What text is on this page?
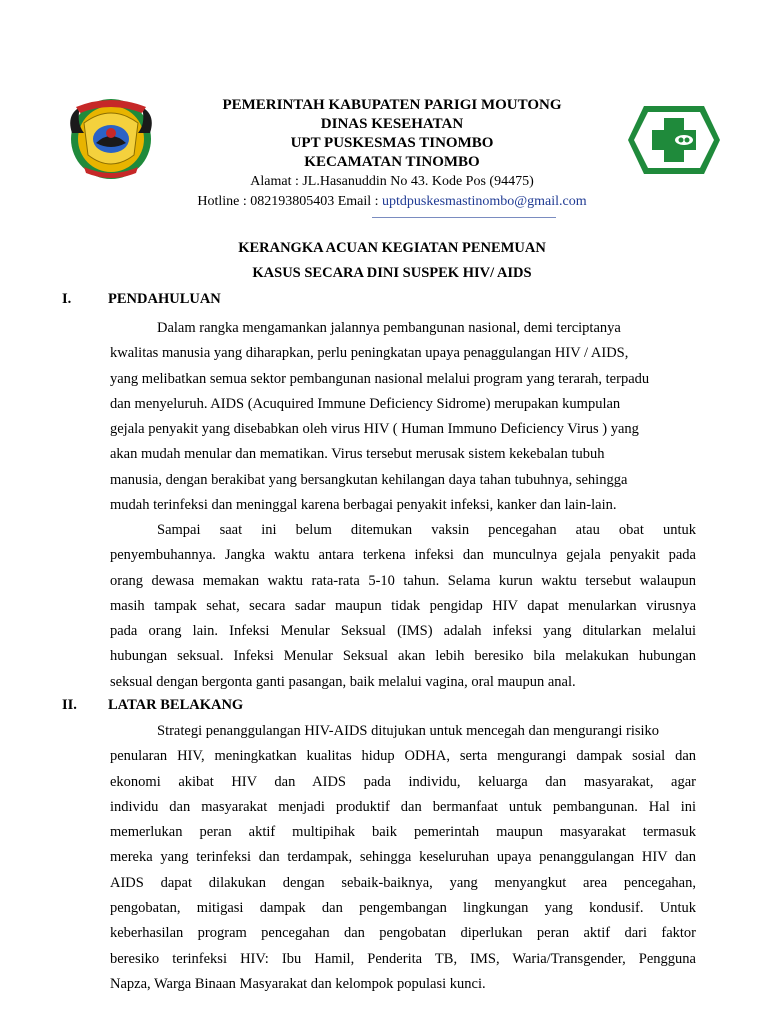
PEMERINTAH KABUPATEN PARIGI MOUTONG
DINAS KESEHATAN
UPT PUSKESMAS TINOMBO
KECAMATAN TINOMBO
Alamat : JL.Hasanuddin No 43. Kode Pos (94475)
Hotline : 082193805403 Email : uptdpuskesmastinombo@gmail.com
KERANGKA ACUAN KEGIATAN PENEMUAN
KASUS SECARA DINI SUSPEK HIV/ AIDS
I.	PENDAHULUAN
Dalam rangka mengamankan jalannya pembangunan nasional, demi terciptanya
kwalitas manusia yang diharapkan, perlu peningkatan upaya penaggulangan HIV / AIDS,
yang melibatkan semua sektor pembangunan nasional melalui program yang terarah, terpadu
dan menyeluruh. AIDS (Acuquired Immune Deficiency Sidrome) merupakan kumpulan
gejala penyakit yang disebabkan oleh virus HIV ( Human Immuno Deficiency Virus ) yang
akan mudah menular dan mematikan. Virus tersebut merusak sistem kekebalan tubuh
manusia, dengan berakibat yang bersangkutan kehilangan daya tahan tubuhnya, sehingga
mudah terinfeksi dan meninggal karena berbagai penyakit infeksi, kanker dan lain-lain.
Sampai saat ini belum ditemukan vaksin pencegahan atau obat untuk
penyembuhannya. Jangka waktu antara terkena infeksi dan munculnya gejala penyakit pada
orang dewasa memakan waktu rata-rata 5-10 tahun. Selama kurun waktu tersebut walaupun
masih tampak sehat, secara sadar maupun tidak pengidap HIV dapat menularkan virusnya
pada orang lain. Infeksi Menular Seksual (IMS) adalah infeksi yang ditularkan melalui
hubungan seksual. Infeksi Menular Seksual akan lebih beresiko bila melakukan hubungan
seksual dengan bergonta ganti pasangan, baik melalui vagina, oral maupun anal.
II. LATAR BELAKANG
Strategi penanggulangan HIV-AIDS ditujukan untuk mencegah dan mengurangi risiko
penularan HIV, meningkatkan kualitas hidup ODHA, serta mengurangi dampak sosial dan
ekonomi akibat HIV dan AIDS pada individu, keluarga dan masyarakat, agar
individu dan masyarakat menjadi produktif dan bermanfaat untuk pembangunan. Hal ini
memerlukan peran aktif multipihak baik pemerintah maupun masyarakat termasuk
mereka yang terinfeksi dan terdampak, sehingga keseluruhan upaya penanggulangan HIV dan
AIDS dapat dilakukan dengan sebaik-baiknya, yang menyangkut area pencegahan,
pengobatan, mitigasi dampak dan pengembangan lingkungan yang kondusif. Untuk
keberhasilan program pencegahan dan pengobatan diperlukan peran aktif dari faktor
beresiko terinfeksi HIV: Ibu Hamil, Penderita TB, IMS, Waria/Transgender, Pengguna
Napza, Warga Binaan Masyarakat dan kelompok populasi kunci.
